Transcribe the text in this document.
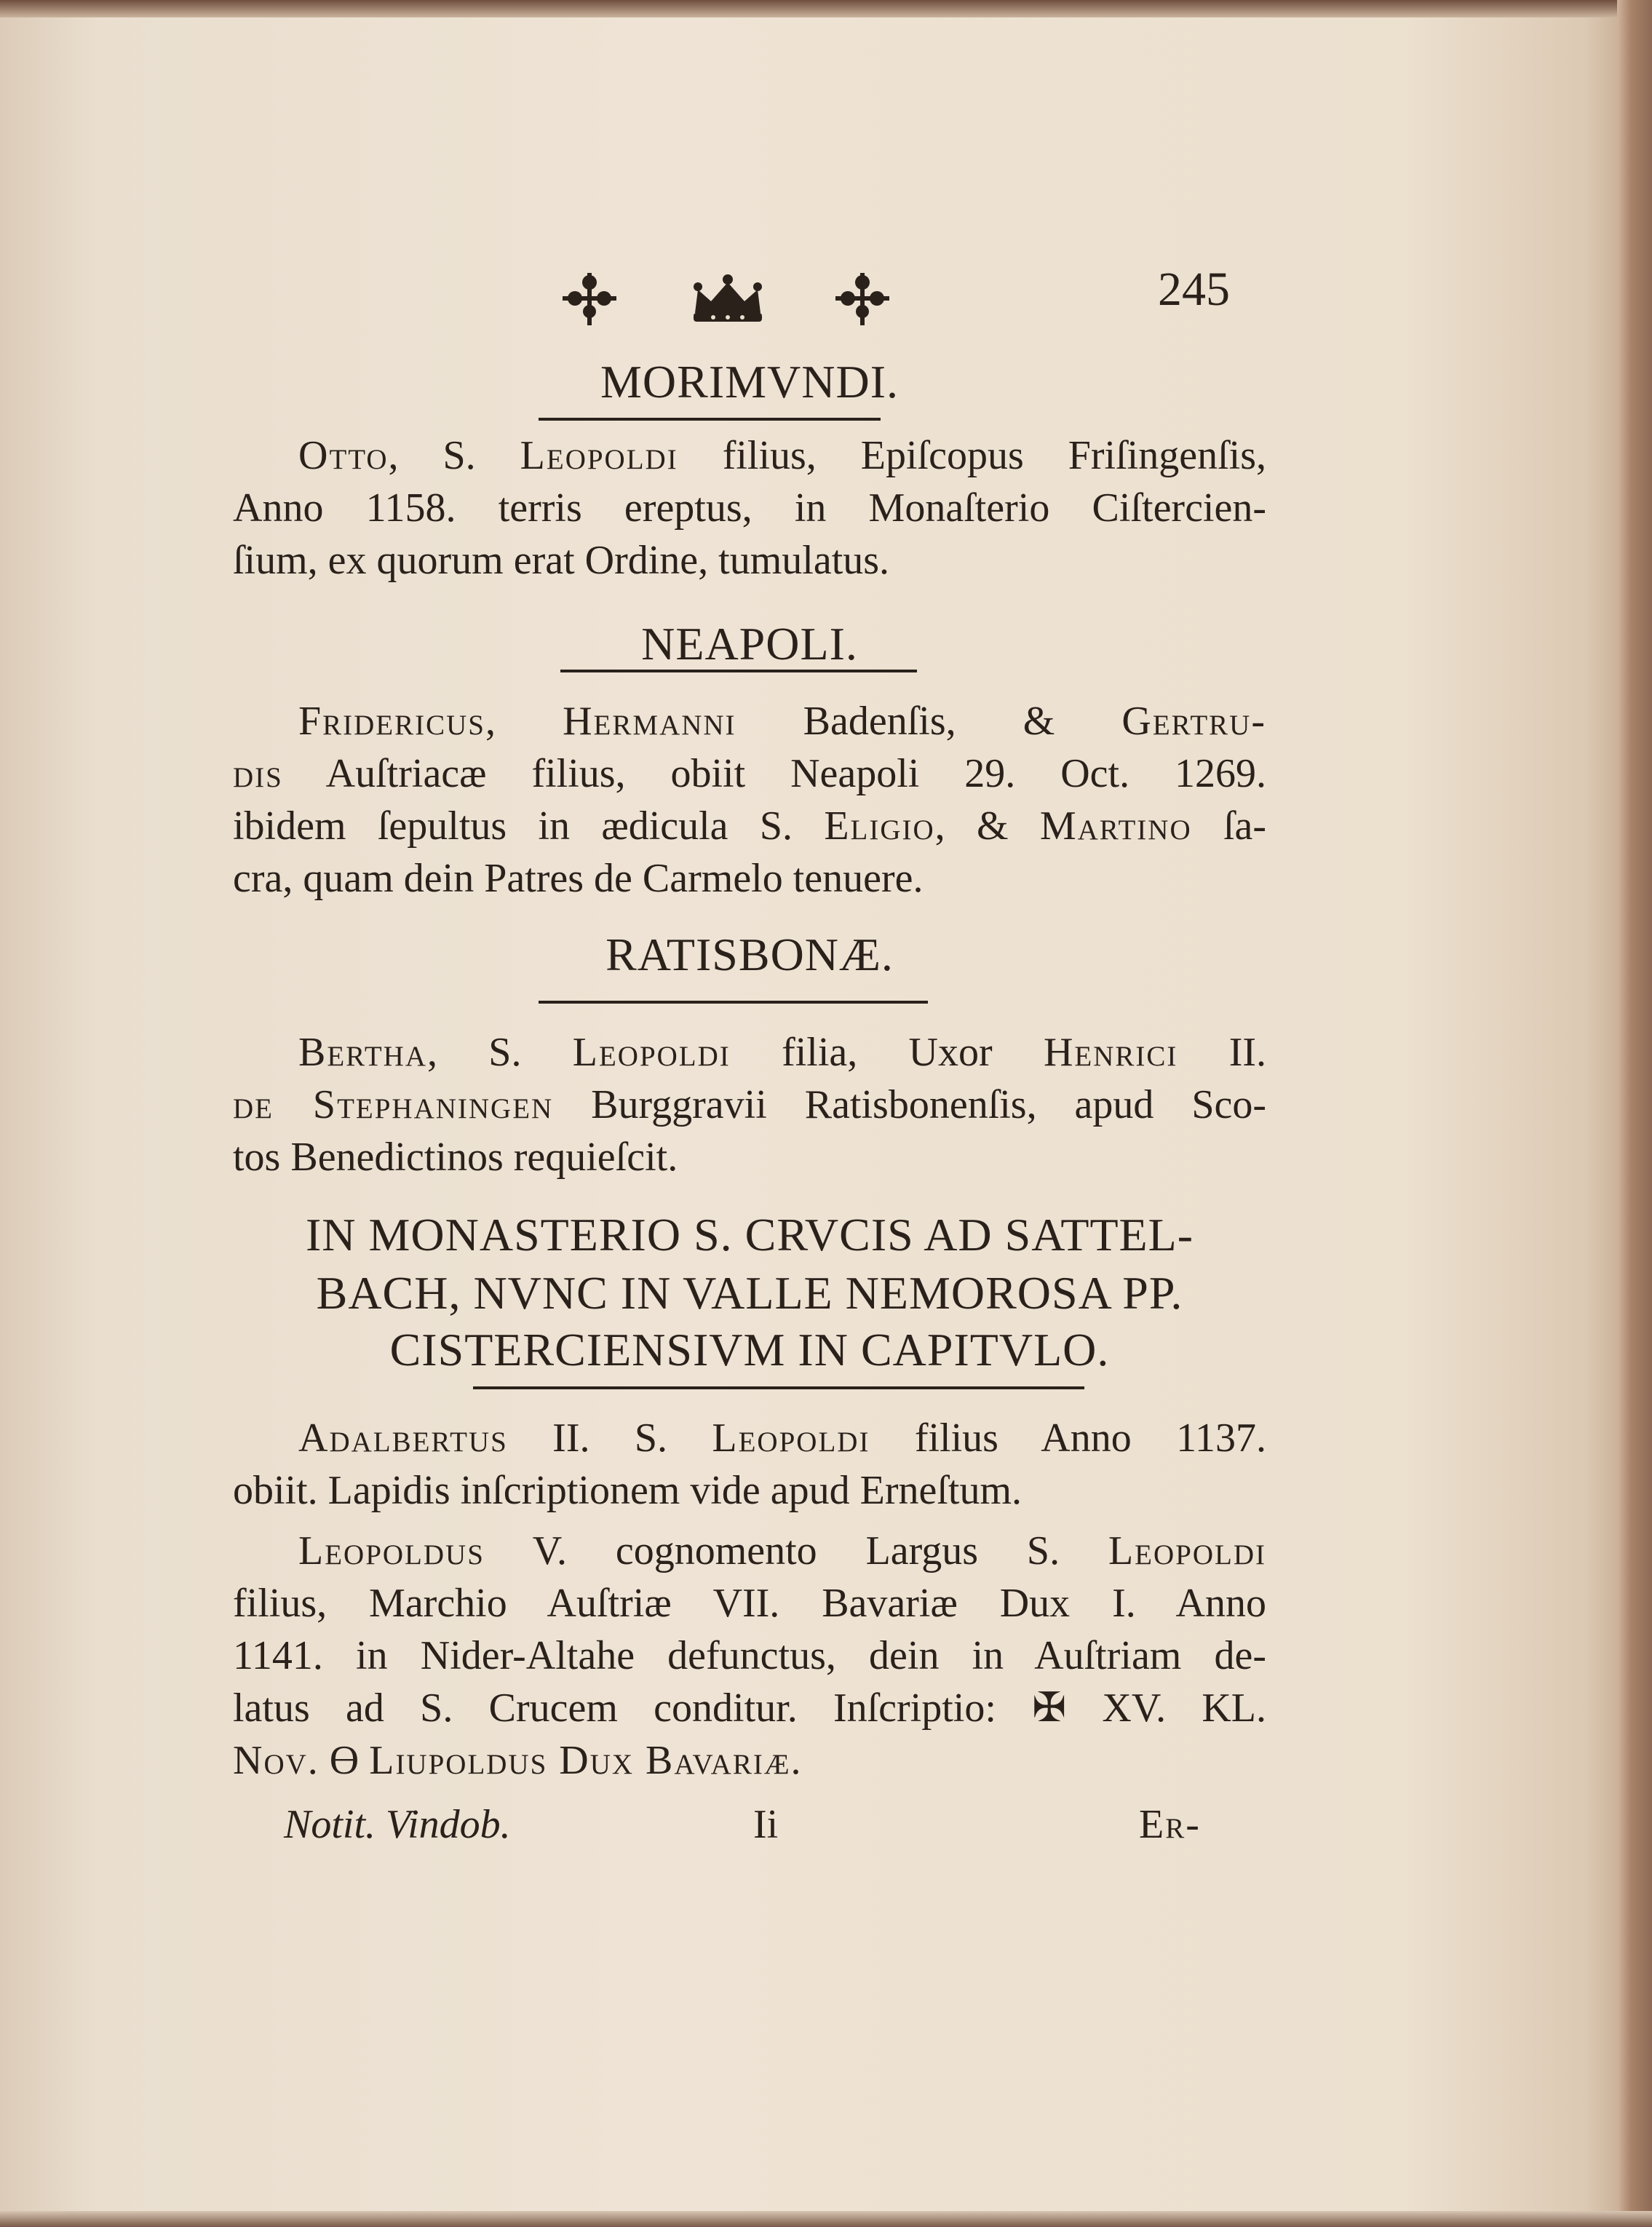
245
MORIMVNDI.
Otto, S. Leopoldi filius, Epiſcopus Friſingenſis,
Anno 1158. terris ereptus, in Monaſterio Ciſtercien-
ſium, ex quorum erat Ordine, tumulatus.
NEAPOLI.
Fridericus, Hermanni Badenſis, & Gertru-
dis Auſtriacæ filius, obiit Neapoli 29. Oct. 1269.
ibidem ſepultus in ædicula S. Eligio, & Martino ſa-
cra, quam dein Patres de Carmelo tenuere.
RATISBONÆ.
Bertha, S. Leopoldi filia, Uxor Henrici II.
de Stephaningen Burggravii Ratisbonenſis, apud Sco-
tos Benedictinos requieſcit.
IN MONASTERIO S. CRVCIS AD SATTEL-
BACH, NVNC IN VALLE NEMOROSA PP.
CISTERCIENSIVM IN CAPITVLO.
Adalbertus II. S. Leopoldi filius Anno 1137.
obiit. Lapidis inſcriptionem vide apud Erneſtum.
Leopoldus V. cognomento Largus S. Leopoldi
filius, Marchio Auſtriæ VII. Bavariæ Dux I. Anno
1141. in Nider-Altahe defunctus, dein in Auſtriam de-
latus ad S. Crucem conditur. Inſcriptio: ✠ XV. KL.
Nov. ϴ Liupoldus Dux Bavariæ.
Notit. Vindob.	Ii	Er-
